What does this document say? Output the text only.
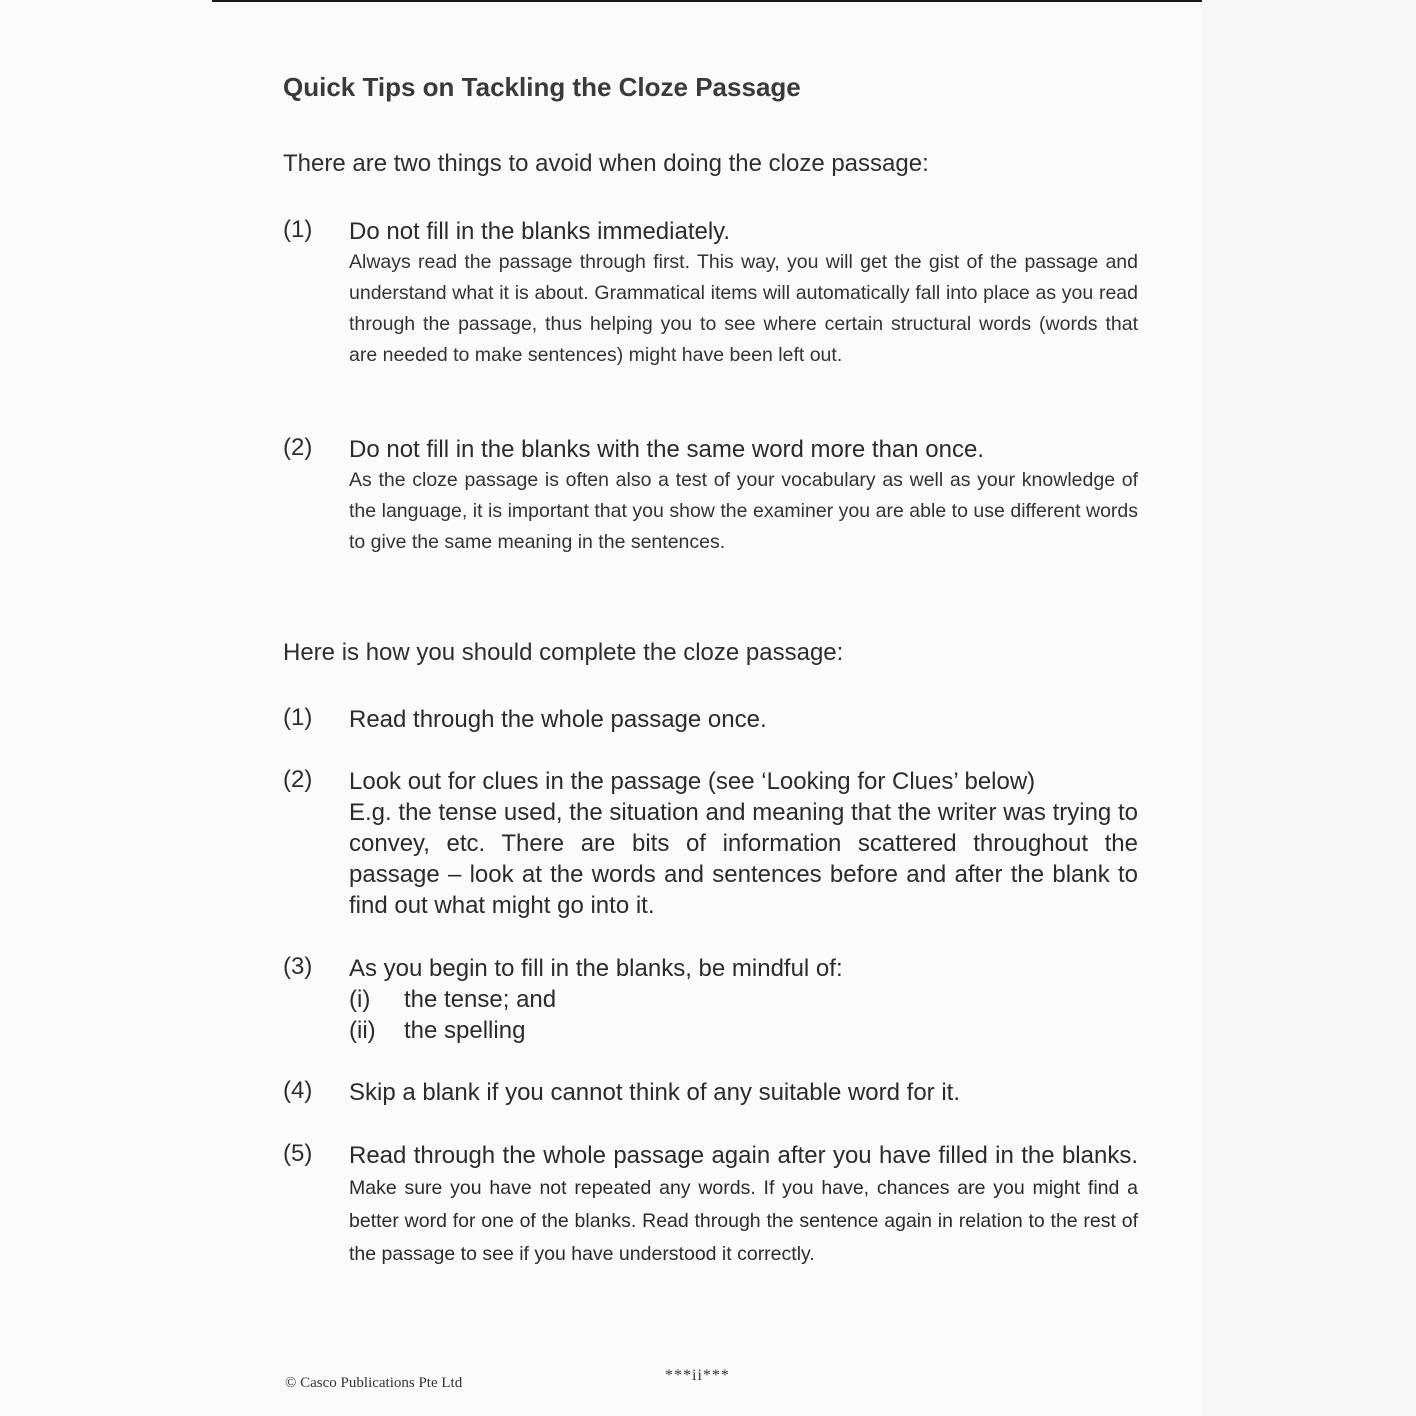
Quick Tips on Tackling the Cloze Passage

There are two things to avoid when doing the cloze passage:

(1) Do not fill in the blanks immediately.

Always read the passage through first. This way, you will get the gist of the passage and understand what it is about. Grammatical items will automatically fall into place as you read through the passage, thus helping you to see where certain structural words (words that are needed to make sentences) might have been left out.

(2) Do not fill in the blanks with the same word more than once.

As the cloze passage is often also a test of your vocabulary as well as your knowledge of the language, it is important that you show the examiner you are able to use different words to give the same meaning in the sentences.

Here is how you should complete the cloze passage:

(1) Read through the whole passage once.

(2) Look out for clues in the passage (see ‘Looking for Clues’ below)

E.g. the tense used, the situation and meaning that the writer was trying to convey, etc. There are bits of information scattered throughout the passage – look at the words and sentences before and after the blank to find out what might go into it.

(3) As you begin to fill in the blanks, be mindful of:

(i) the tense; and

(ii) the spelling

(4) Skip a blank if you cannot think of any suitable word for it.

(5) Read through the whole passage again after you have filled in the blanks. Make sure you have not repeated any words. If you have, chances are you might find a better word for one of the blanks. Read through the sentence again in relation to the rest of the passage to see if you have understood it correctly.

© Casco Publications Pte Ltd	***ii***
